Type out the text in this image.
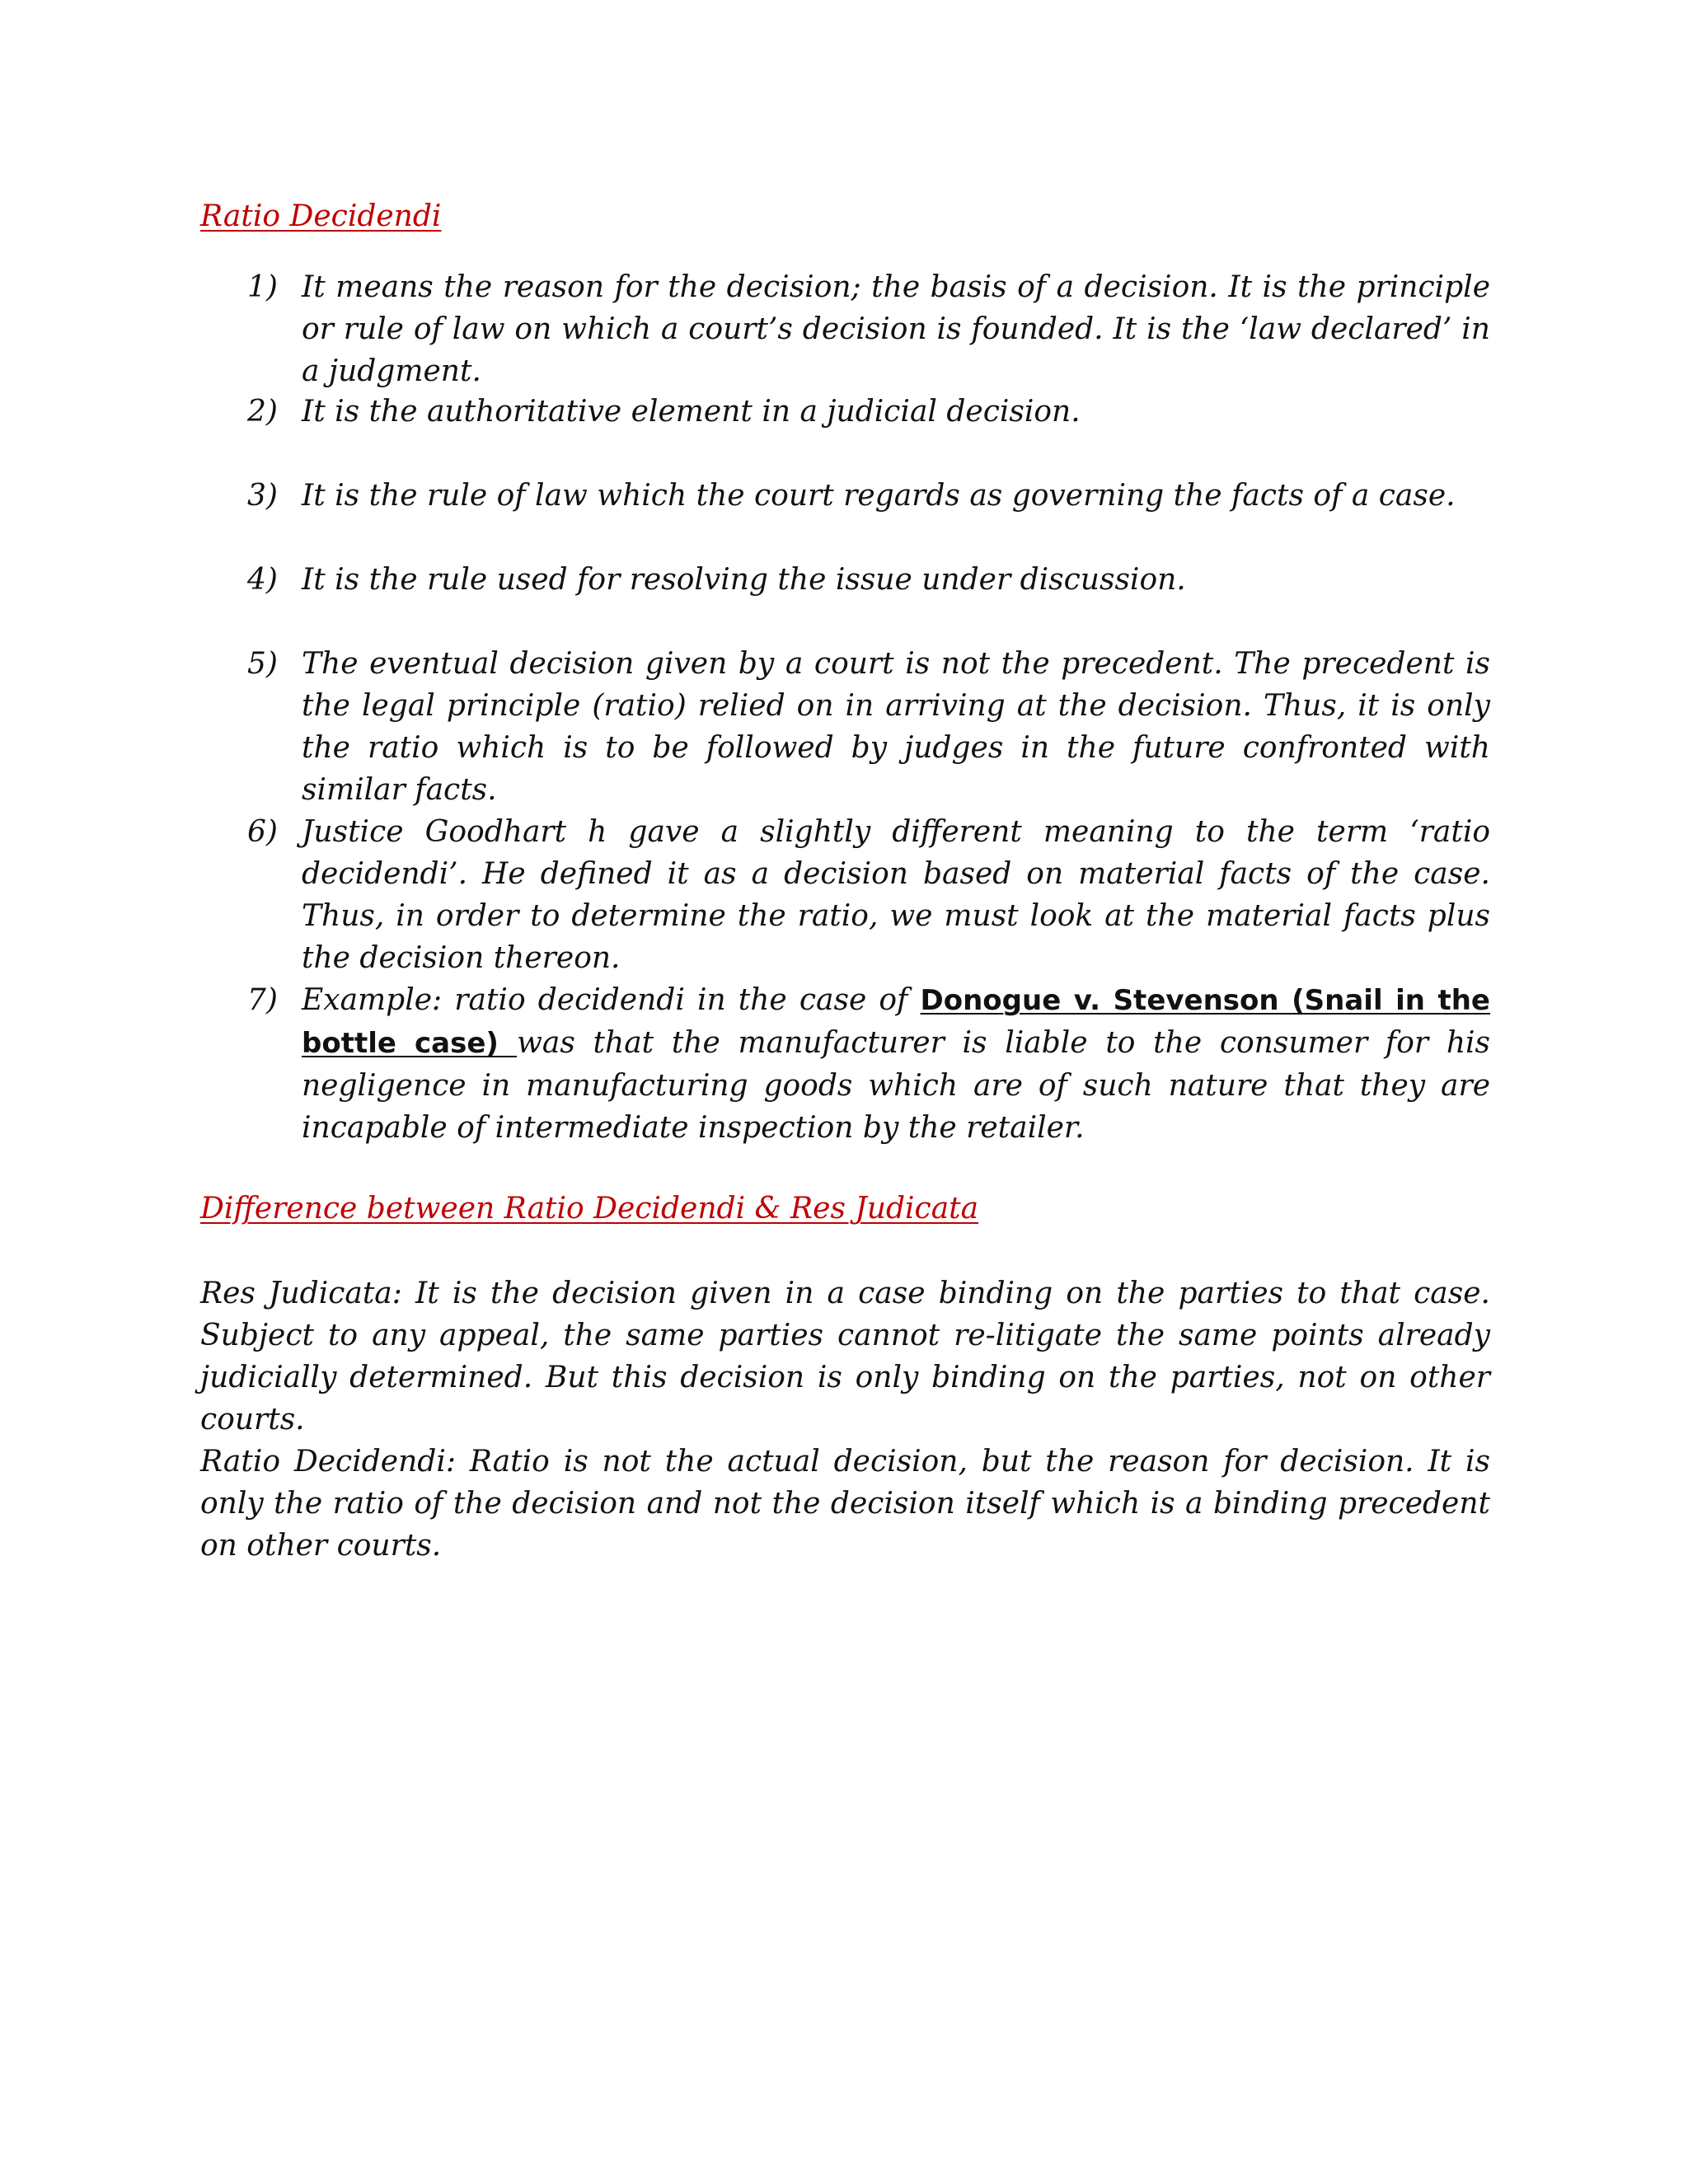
Ratio Decidendi
1) It means the reason for the decision; the basis of a decision. It is the principle or rule of law on which a court’s decision is founded. It is the ‘law declared’ in a judgment.
2) It is the authoritative element in a judicial decision.
3) It is the rule of law which the court regards as governing the facts of a case.
4) It is the rule used for resolving the issue under discussion.
5) The eventual decision given by a court is not the precedent. The precedent is the legal principle (ratio) relied on in arriving at the decision. Thus, it is only the ratio which is to be followed by judges in the future confronted with similar facts.
6) Justice Goodhart h gave a slightly different meaning to the term ‘ratio decidendi’. He defined it as a decision based on material facts of the case. Thus, in order to determine the ratio, we must look at the material facts plus the decision thereon.
7) Example: ratio decidendi in the case of Donogue v. Stevenson (Snail in the bottle case) was that the manufacturer is liable to the consumer for his negligence in manufacturing goods which are of such nature that they are incapable of intermediate inspection by the retailer.
Difference between Ratio Decidendi & Res Judicata

Res Judicata: It is the decision given in a case binding on the parties to that case. Subject to any appeal, the same parties cannot re-litigate the same points already judicially determined. But this decision is only binding on the parties, not on other courts.

Ratio Decidendi: Ratio is not the actual decision, but the reason for decision. It is only the ratio of the decision and not the decision itself which is a binding precedent on other courts.
